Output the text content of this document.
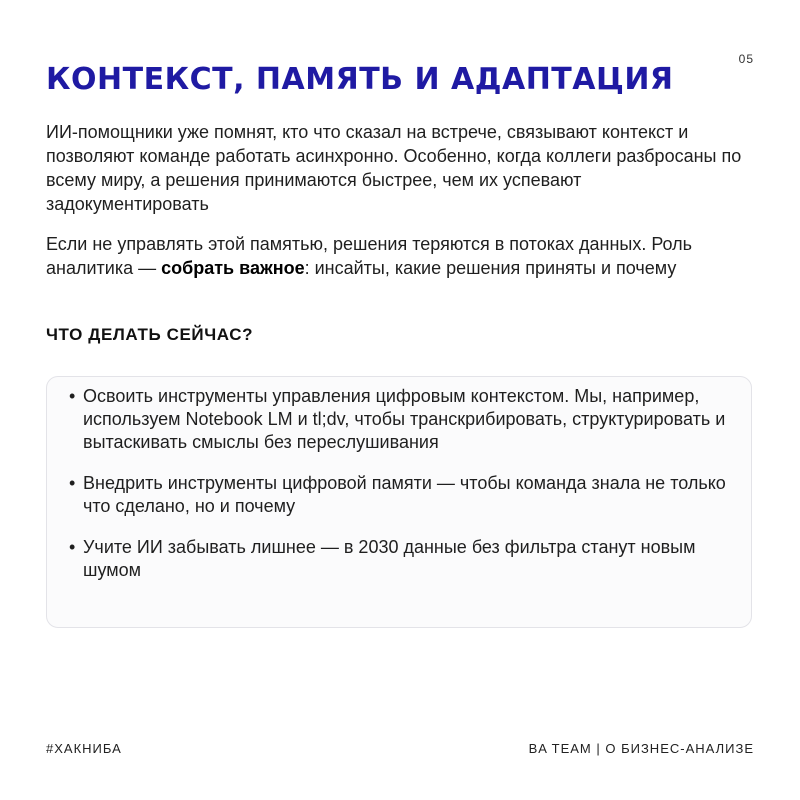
05
КОНТЕКСТ, ПАМЯТЬ И АДАПТАЦИЯ

ИИ-помощники уже помнят, кто что сказал на встрече, связывают контекст и позволяют команде работать асинхронно. Особенно, когда коллеги разбросаны по всему миру, а решения принимаются быстрее, чем их успевают задокументировать

Если не управлять этой памятью, решения теряются в потоках данных. Роль аналитика — собрать важное: инсайты, какие решения приняты и почему

ЧТО ДЕЛАТЬ СЕЙЧАС?
• Освоить инструменты управления цифровым контекстом. Мы, например, используем Notebook LM и tl;dv, чтобы транскрибировать, структурировать и вытаскивать смыслы без переслушивания
• Внедрить инструменты цифровой памяти — чтобы команда знала не только что сделано, но и почему
• Учите ИИ забывать лишнее — в 2030 данные без фильтра станут новым шумом
#ХАКНИБА	BA TEAM | О БИЗНЕС-АНАЛИЗЕ
